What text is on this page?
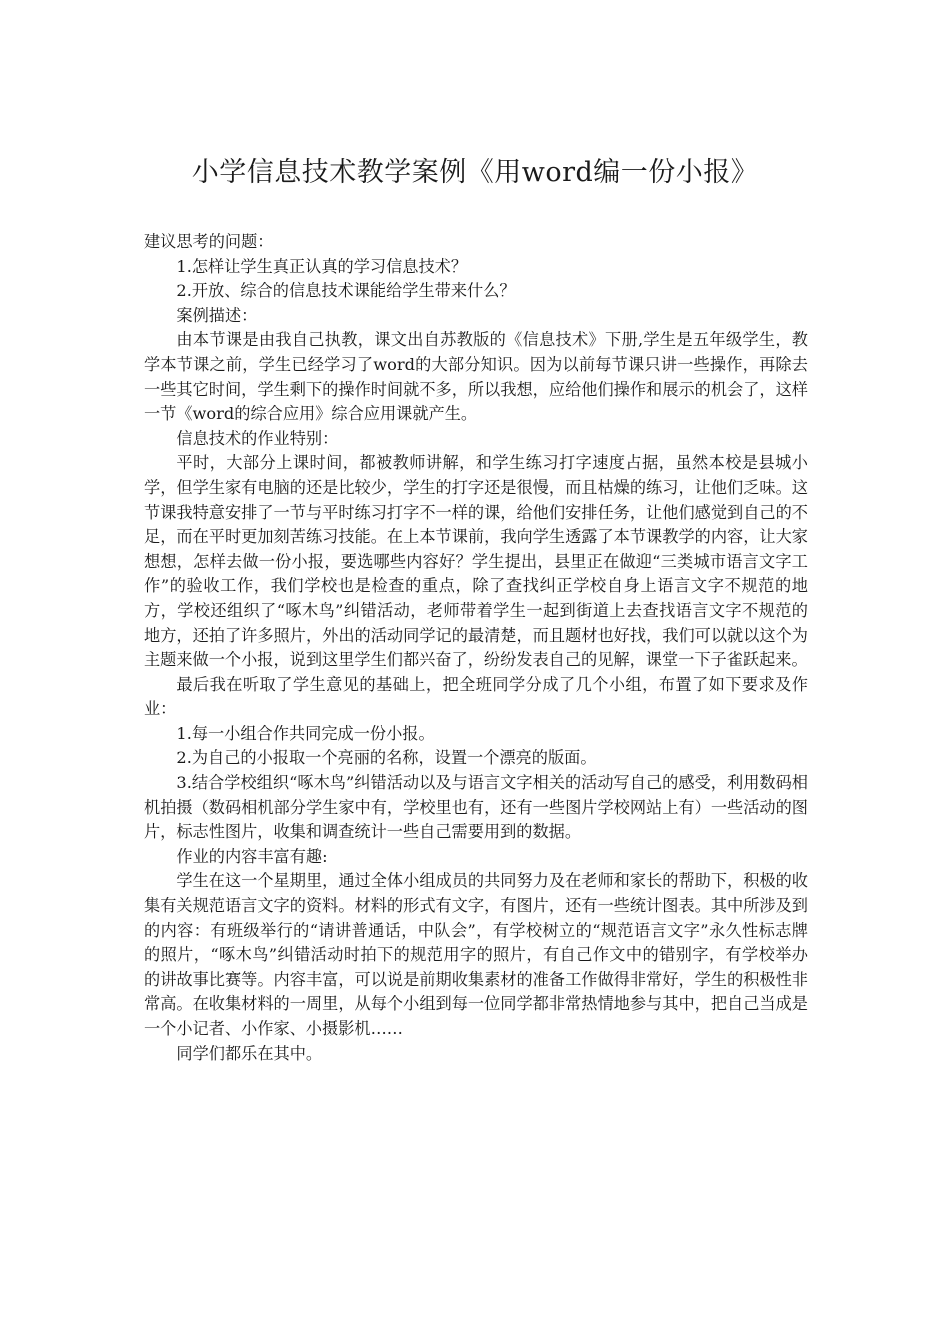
小学信息技术教学案例《用word编一份小报》

建议思考的问题：

1.怎样让学生真正认真的学习信息技术？

2.开放、综合的信息技术课能给学生带来什么？

案例描述：

由本节课是由我自己执教，课文出自苏教版的《信息技术》下册,学生是五年级学生，教学本节课之前，学生已经学习了word的大部分知识。因为以前每节课只讲一些操作，再除去一些其它时间，学生剩下的操作时间就不多，所以我想，应给他们操作和展示的机会了，这样一节《word的综合应用》综合应用课就产生。

信息技术的作业特别：

平时，大部分上课时间，都被教师讲解，和学生练习打字速度占据，虽然本校是县城小学，但学生家有电脑的还是比较少，学生的打字还是很慢，而且枯燥的练习，让他们乏味。这节课我特意安排了一节与平时练习打字不一样的课，给他们安排任务，让他们感觉到自己的不足，而在平时更加刻苦练习技能。在上本节课前，我向学生透露了本节课教学的内容，让大家想想，怎样去做一份小报，要选哪些内容好？学生提出，县里正在做迎“三类城市语言文字工作”的验收工作，我们学校也是检查的重点，除了查找纠正学校自身上语言文字不规范的地方，学校还组织了“啄木鸟”纠错活动，老师带着学生一起到街道上去查找语言文字不规范的地方，还拍了许多照片，外出的活动同学记的最清楚，而且题材也好找，我们可以就以这个为主题来做一个小报，说到这里学生们都兴奋了，纷纷发表自己的见解，课堂一下子雀跃起来。

最后我在听取了学生意见的基础上，把全班同学分成了几个小组，布置了如下要求及作业：

1.每一小组合作共同完成一份小报。

2.为自己的小报取一个亮丽的名称，设置一个漂亮的版面。

3.结合学校组织“啄木鸟”纠错活动以及与语言文字相关的活动写自己的感受，利用数码相机拍摄（数码相机部分学生家中有，学校里也有，还有一些图片学校网站上有）一些活动的图片，标志性图片，收集和调查统计一些自己需要用到的数据。

作业的内容丰富有趣:

学生在这一个星期里，通过全体小组成员的共同努力及在老师和家长的帮助下，积极的收集有关规范语言文字的资料。材料的形式有文字，有图片，还有一些统计图表。其中所涉及到的内容：有班级举行的“请讲普通话，中队会”，有学校树立的“规范语言文字”永久性标志牌的照片，“啄木鸟”纠错活动时拍下的规范用字的照片，有自己作文中的错别字，有学校举办的讲故事比赛等。内容丰富，可以说是前期收集素材的准备工作做得非常好，学生的积极性非常高。在收集材料的一周里，从每个小组到每一位同学都非常热情地参与其中，把自己当成是一个小记者、小作家、小摄影机……

同学们都乐在其中。
